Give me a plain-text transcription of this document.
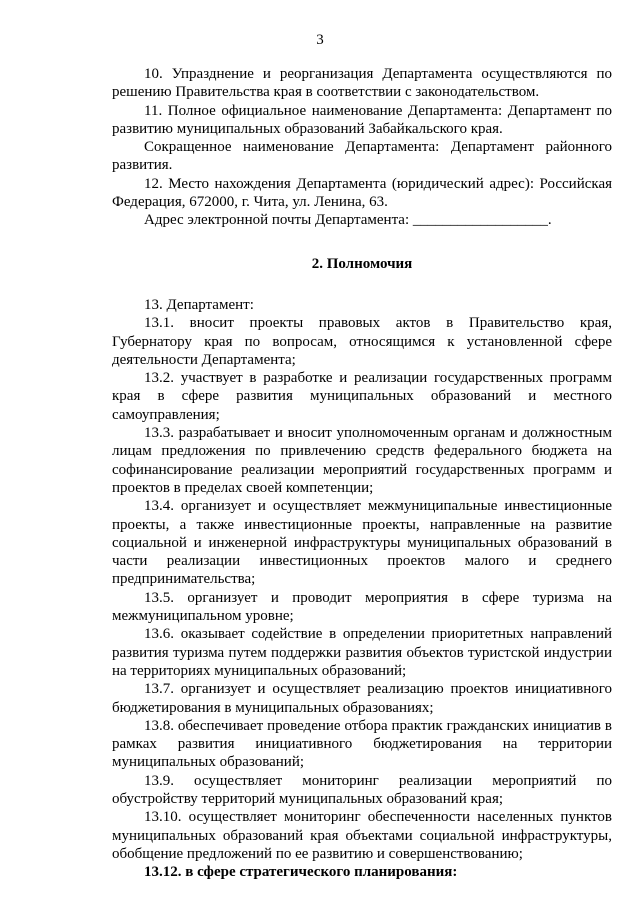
3

10. Упразднение и реорганизация Департамента осуществляются по решению Правительства края в соответствии с законодательством.

11. Полное официальное наименование Департамента: Департамент по развитию муниципальных образований Забайкальского края.

Сокращенное наименование Департамента: Департамент районного развития.

12. Место нахождения Департамента (юридический адрес): Российская Федерация, 672000, г. Чита, ул. Ленина, 63.

Адрес электронной почты Департамента: __________________.

2. Полномочия

13. Департамент:

13.1. вносит проекты правовых актов в Правительство края, Губернатору края по вопросам, относящимся к установленной сфере деятельности Департамента;

13.2. участвует в разработке и реализации государственных программ края в сфере развития муниципальных образований и местного самоуправления;

13.3. разрабатывает и вносит уполномоченным органам и должностным лицам предложения по привлечению средств федерального бюджета на софинансирование реализации мероприятий государственных программ и проектов в пределах своей компетенции;

13.4. организует и осуществляет межмуниципальные инвестиционные проекты, а также инвестиционные проекты, направленные на развитие социальной и инженерной инфраструктуры муниципальных образований в части реализации инвестиционных проектов малого и среднего предпринимательства;

13.5. организует и проводит мероприятия в сфере туризма на межмуниципальном уровне;

13.6. оказывает содействие в определении приоритетных направлений развития туризма путем поддержки развития объектов туристской индустрии на территориях муниципальных образований;

13.7. организует и осуществляет реализацию проектов инициативного бюджетирования в муниципальных образованиях;

13.8. обеспечивает проведение отбора практик гражданских инициатив в рамках развития инициативного бюджетирования на территории муниципальных образований;

13.9. осуществляет мониторинг реализации мероприятий по обустройству территорий муниципальных образований края;

13.10. осуществляет мониторинг обеспеченности населенных пунктов муниципальных образований края объектами социальной инфраструктуры, обобщение предложений по ее развитию и совершенствованию;

13.12. в сфере стратегического планирования:
